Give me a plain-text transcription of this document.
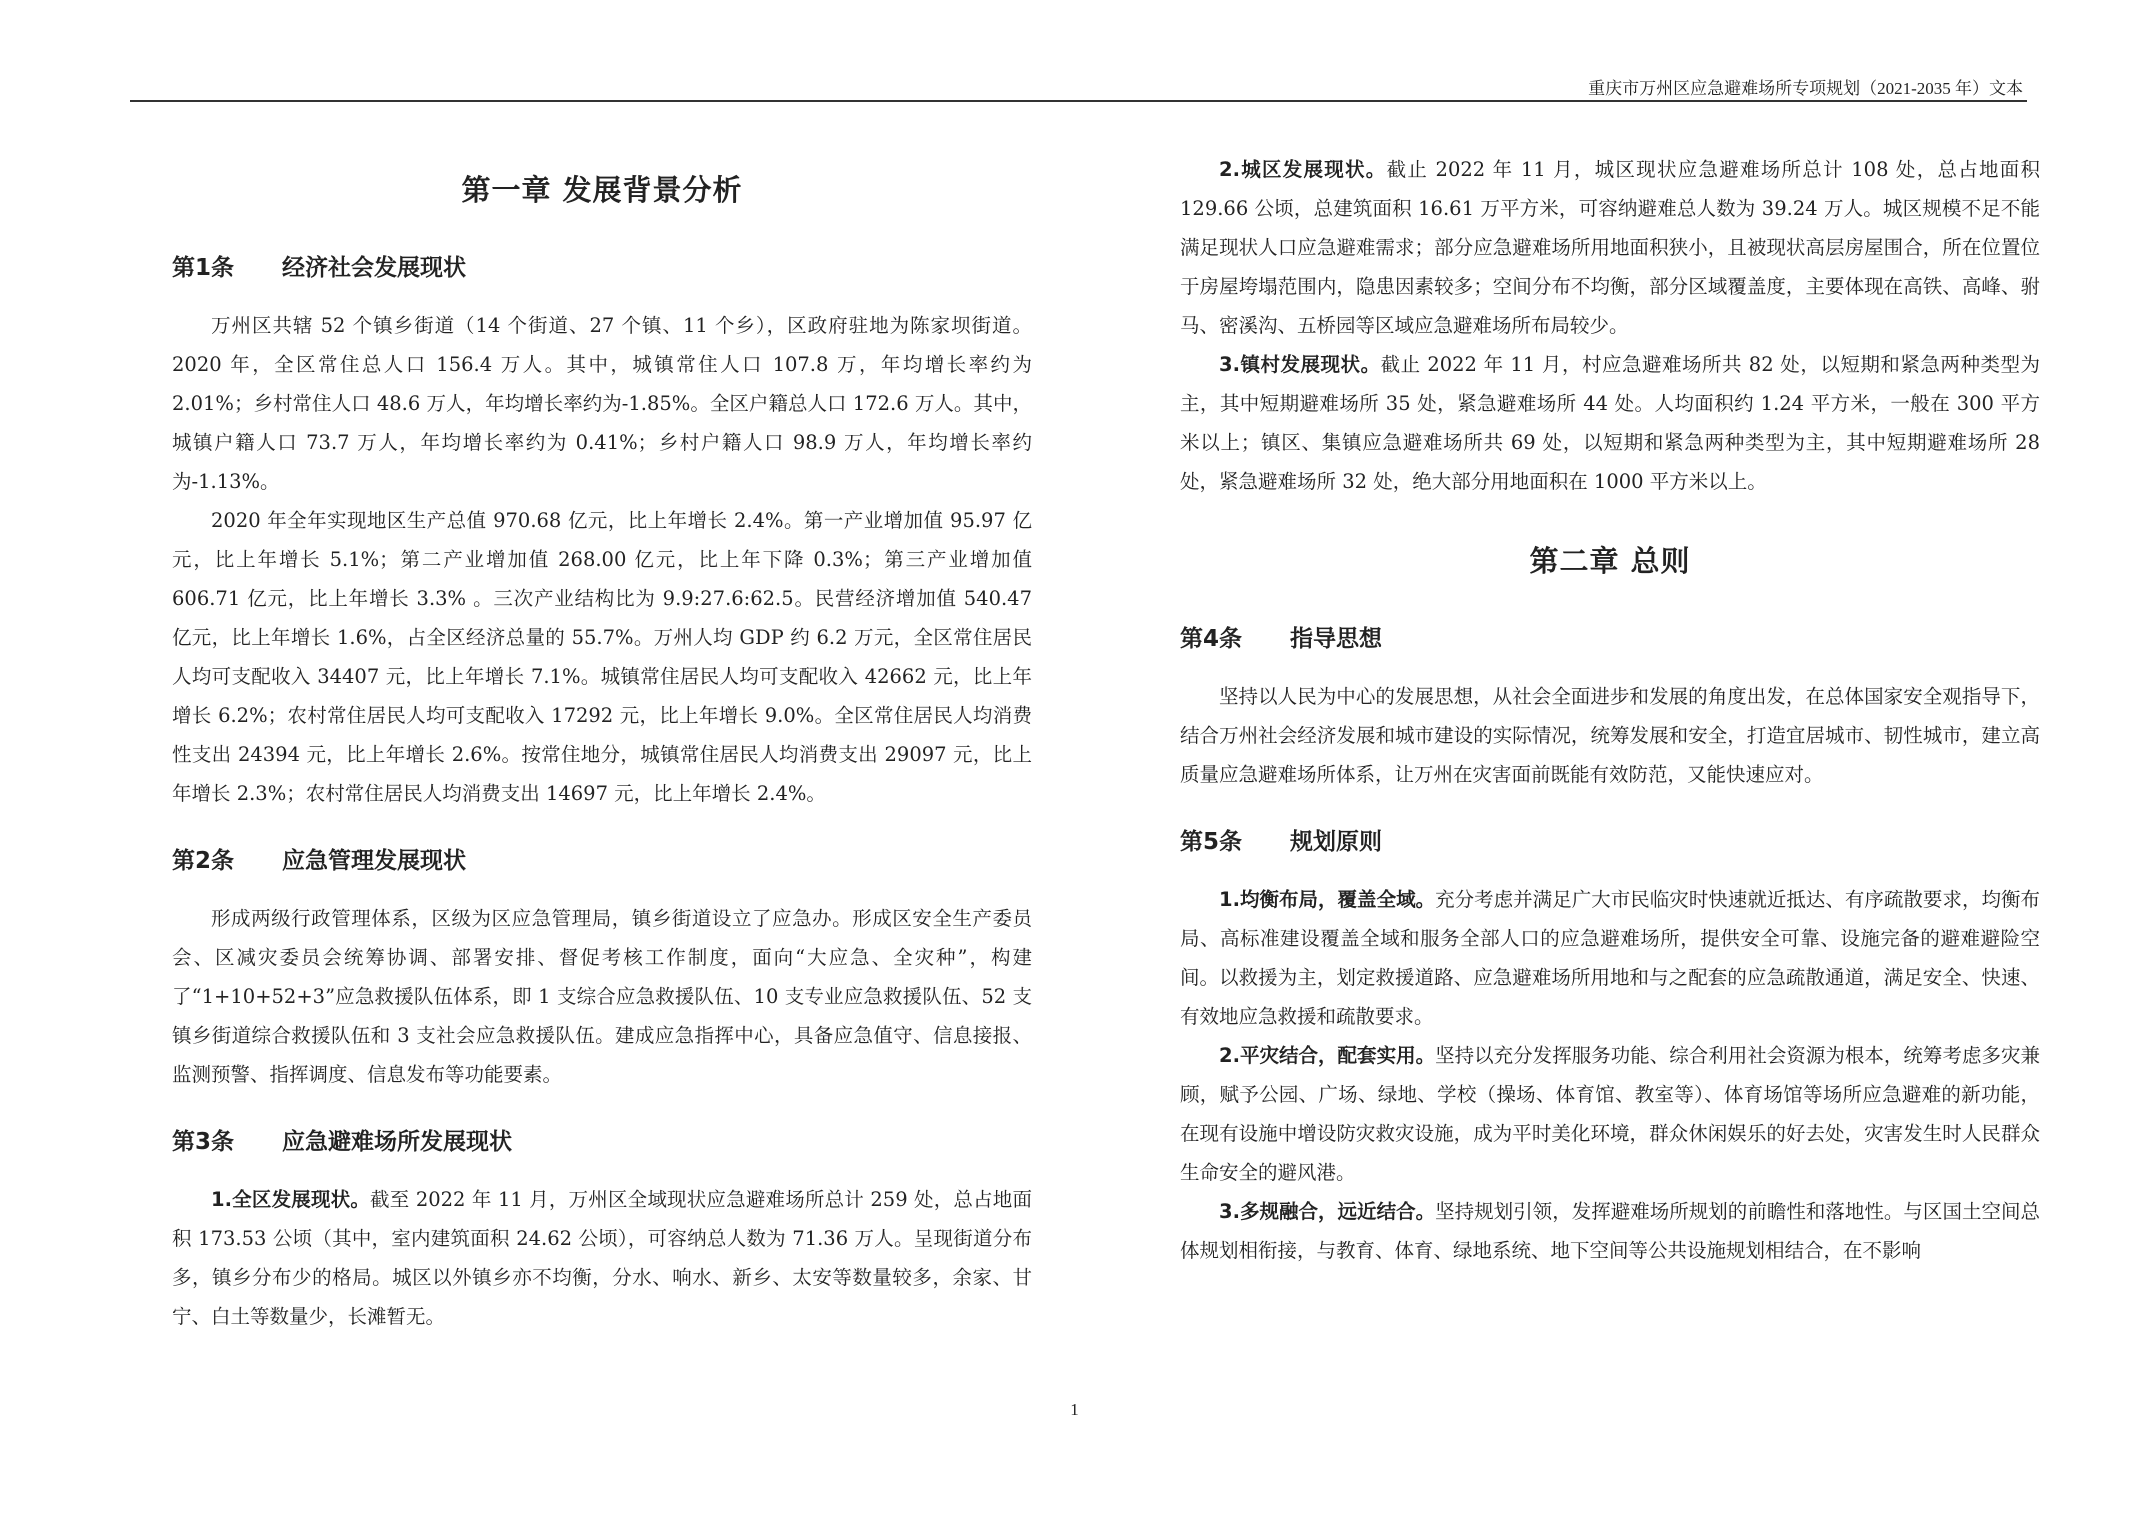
重庆市万州区应急避难场所专项规划（2021-2035 年）文本
第一章 发展背景分析
第1条 经济社会发展现状

万州区共辖 52 个镇乡街道（14 个街道、27 个镇、11 个乡），区政府驻地为陈家坝街道。2020 年，全区常住总人口 156.4 万人。其中，城镇常住人口 107.8 万，年均增长率约为 2.01%；乡村常住人口 48.6 万人，年均增长率约为-1.85%。全区户籍总人口 172.6 万人。其中，城镇户籍人口 73.7 万人，年均增长率约为 0.41%；乡村户籍人口 98.9 万人，年均增长率约为-1.13%。

2020 年全年实现地区生产总值 970.68 亿元，比上年增长 2.4%。第一产业增加值 95.97 亿元，比上年增长 5.1%；第二产业增加值 268.00 亿元，比上年下降 0.3%；第三产业增加值 606.71 亿元，比上年增长 3.3% 。三次产业结构比为 9.9:27.6:62.5。民营经济增加值 540.47 亿元，比上年增长 1.6%，占全区经济总量的 55.7%。万州人均 GDP 约 6.2 万元，全区常住居民人均可支配收入 34407 元，比上年增长 7.1%。城镇常住居民人均可支配收入 42662 元，比上年增长 6.2%；农村常住居民人均可支配收入 17292 元，比上年增长 9.0%。全区常住居民人均消费性支出 24394 元，比上年增长 2.6%。按常住地分，城镇常住居民人均消费支出 29097 元，比上年增长 2.3%；农村常住居民人均消费支出 14697 元，比上年增长 2.4%。

第2条 应急管理发展现状

形成两级行政管理体系，区级为区应急管理局，镇乡街道设立了应急办。形成区安全生产委员会、区减灾委员会统筹协调、部署安排、督促考核工作制度，面向“大应急、全灾种”，构建了“1+10+52+3”应急救援队伍体系，即 1 支综合应急救援队伍、10 支专业应急救援队伍、52 支镇乡街道综合救援队伍和 3 支社会应急救援队伍。建成应急指挥中心，具备应急值守、信息接报、监测预警、指挥调度、信息发布等功能要素。

第3条 应急避难场所发展现状

1.全区发展现状。截至 2022 年 11 月，万州区全域现状应急避难场所总计 259 处，总占地面积 173.53 公顷（其中，室内建筑面积 24.62 公顷），可容纳总人数为 71.36 万人。呈现街道分布多，镇乡分布少的格局。城区以外镇乡亦不均衡，分水、响水、新乡、太安等数量较多，余家、甘宁、白土等数量少，长滩暂无。

2.城区发展现状。截止 2022 年 11 月，城区现状应急避难场所总计 108 处，总占地面积 129.66 公顷，总建筑面积 16.61 万平方米，可容纳避难总人数为 39.24 万人。城区规模不足不能满足现状人口应急避难需求；部分应急避难场所用地面积狭小，且被现状高层房屋围合，所在位置位于房屋垮塌范围内，隐患因素较多；空间分布不均衡，部分区域覆盖度，主要体现在高铁、高峰、驸马、密溪沟、五桥园等区域应急避难场所布局较少。

3.镇村发展现状。截止 2022 年 11 月，村应急避难场所共 82 处，以短期和紧急两种类型为主，其中短期避难场所 35 处，紧急避难场所 44 处。人均面积约 1.24 平方米，一般在 300 平方米以上；镇区、集镇应急避难场所共 69 处，以短期和紧急两种类型为主，其中短期避难场所 28 处，紧急避难场所 32 处，绝大部分用地面积在 1000 平方米以上。

第二章 总则
第4条 指导思想

坚持以人民为中心的发展思想，从社会全面进步和发展的角度出发，在总体国家安全观指导下，结合万州社会经济发展和城市建设的实际情况，统筹发展和安全，打造宜居城市、韧性城市，建立高质量应急避难场所体系，让万州在灾害面前既能有效防范，又能快速应对。

第5条 规划原则

1.均衡布局，覆盖全域。充分考虑并满足广大市民临灾时快速就近抵达、有序疏散要求，均衡布局、高标准建设覆盖全域和服务全部人口的应急避难场所，提供安全可靠、设施完备的避难避险空间。以救援为主，划定救援道路、应急避难场所用地和与之配套的应急疏散通道，满足安全、快速、有效地应急救援和疏散要求。

2.平灾结合，配套实用。坚持以充分发挥服务功能、综合利用社会资源为根本，统筹考虑多灾兼顾，赋予公园、广场、绿地、学校（操场、体育馆、教室等）、体育场馆等场所应急避难的新功能，在现有设施中增设防灾救灾设施，成为平时美化环境，群众休闲娱乐的好去处，灾害发生时人民群众生命安全的避风港。

3.多规融合，远近结合。坚持规划引领，发挥避难场所规划的前瞻性和落地性。与区国土空间总体规划相衔接，与教育、体育、绿地系统、地下空间等公共设施规划相结合，在不影响

1
